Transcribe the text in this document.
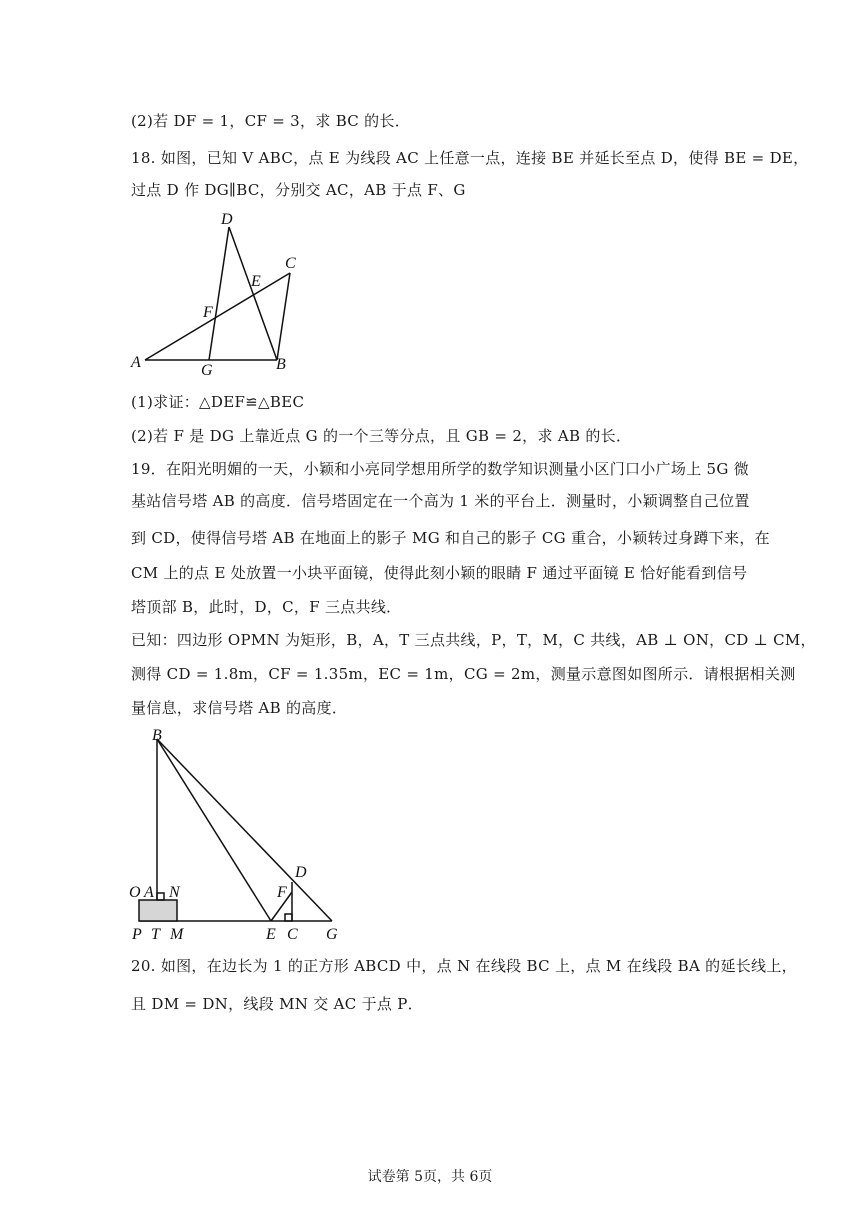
(2)若 DF = 1，CF = 3，求 BC 的长．
18. 如图，已知 V ABC，点 E 为线段 AC 上任意一点，连接 BE 并延长至点 D，使得 BE = DE，
过点 D 作 DG∥BC，分别交 AC，AB 于点 F、G
D
C
E
F
A	G	B
(1)求证：△DEF≌△BEC
(2)若 F 是 DG 上靠近点 G 的一个三等分点，且 GB = 2，求 AB 的长．
19．在阳光明媚的一天，小颖和小亮同学想用所学的数学知识测量小区门口小广场上 5G 微
基站信号塔 AB 的高度．信号塔固定在一个高为 1 米的平台上．测量时，小颖调整自己位置
到 CD，使得信号塔 AB 在地面上的影子 MG 和自己的影子 CG 重合，小颖转过身蹲下来，在
CM 上的点 E 处放置一小块平面镜，使得此刻小颖的眼睛 F 通过平面镜 E 恰好能看到信号
塔顶部 B，此时，D，C，F 三点共线．
已知：四边形 OPMN 为矩形，B，A，T 三点共线，P，T，M，C 共线，AB ⊥ ON，CD ⊥ CM，
测得 CD = 1.8m，CF = 1.35m，EC = 1m，CG = 2m，测量示意图如图所示．请根据相关测
量信息，求信号塔 AB 的高度．
B
D
F
O A N
P T M	E C G
20. 如图，在边长为 1 的正方形 ABCD 中，点 N 在线段 BC 上，点 M 在线段 BA 的延长线上，
且 DM = DN，线段 MN 交 AC 于点 P．
试卷第 5页，共 6页
